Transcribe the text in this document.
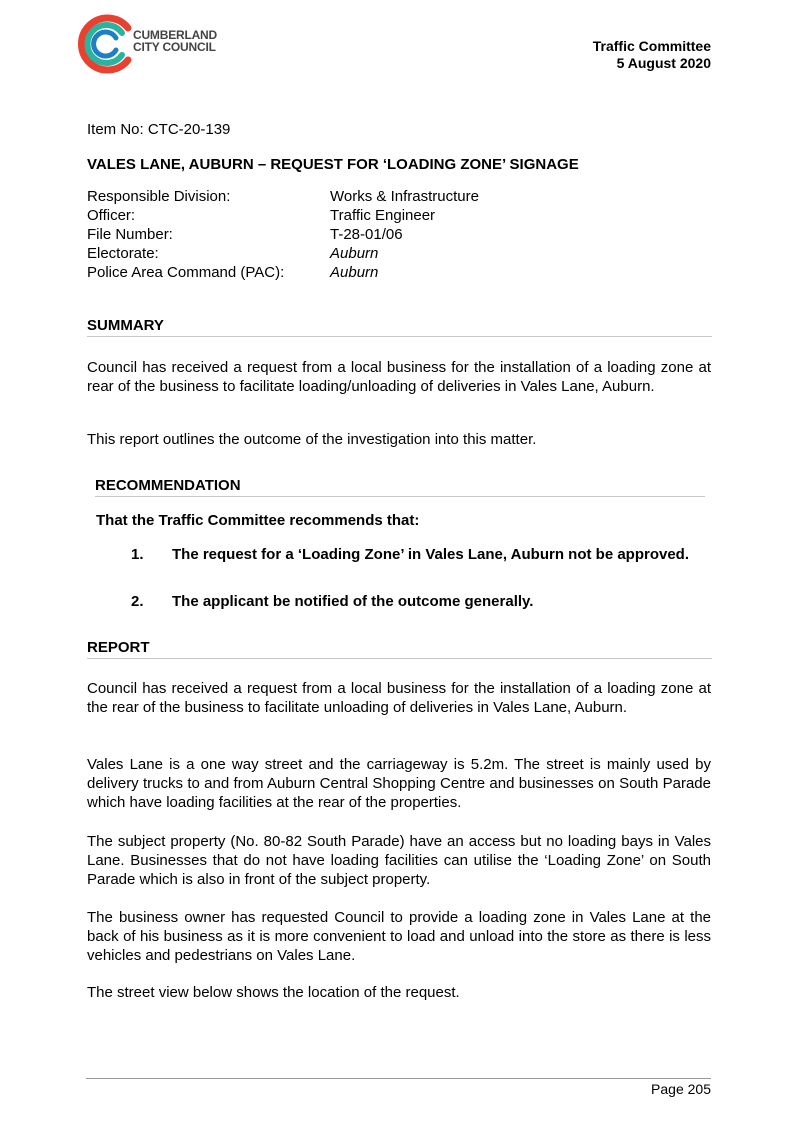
CUMBERLAND
CITY COUNCIL	Traffic Committee
5 August 2020
Item No: CTC-20-139
VALES LANE, AUBURN – REQUEST FOR ‘LOADING ZONE’ SIGNAGE
Responsible Division:	Works & Infrastructure
Officer:	Traffic Engineer
File Number:	T-28-01/06
Electorate:	Auburn
Police Area Command (PAC):	Auburn
SUMMARY
Council has received a request from a local business for the installation of a loading zone at rear of the business to facilitate loading/unloading of deliveries in Vales Lane, Auburn.
This report outlines the outcome of the investigation into this matter.
RECOMMENDATION
That the Traffic Committee recommends that:
1. The request for a ‘Loading Zone’ in Vales Lane, Auburn not be approved.
2. The applicant be notified of the outcome generally.
REPORT
Council has received a request from a local business for the installation of a loading zone at the rear of the business to facilitate unloading of deliveries in Vales Lane, Auburn.
Vales Lane is a one way street and the carriageway is 5.2m. The street is mainly used by delivery trucks to and from Auburn Central Shopping Centre and businesses on South Parade which have loading facilities at the rear of the properties.
The subject property (No. 80-82 South Parade) have an access but no loading bays in Vales Lane. Businesses that do not have loading facilities can utilise the ‘Loading Zone’ on South Parade which is also in front of the subject property.
The business owner has requested Council to provide a loading zone in Vales Lane at the back of his business as it is more convenient to load and unload into the store as there is less vehicles and pedestrians on Vales Lane.
The street view below shows the location of the request.
Page 205
